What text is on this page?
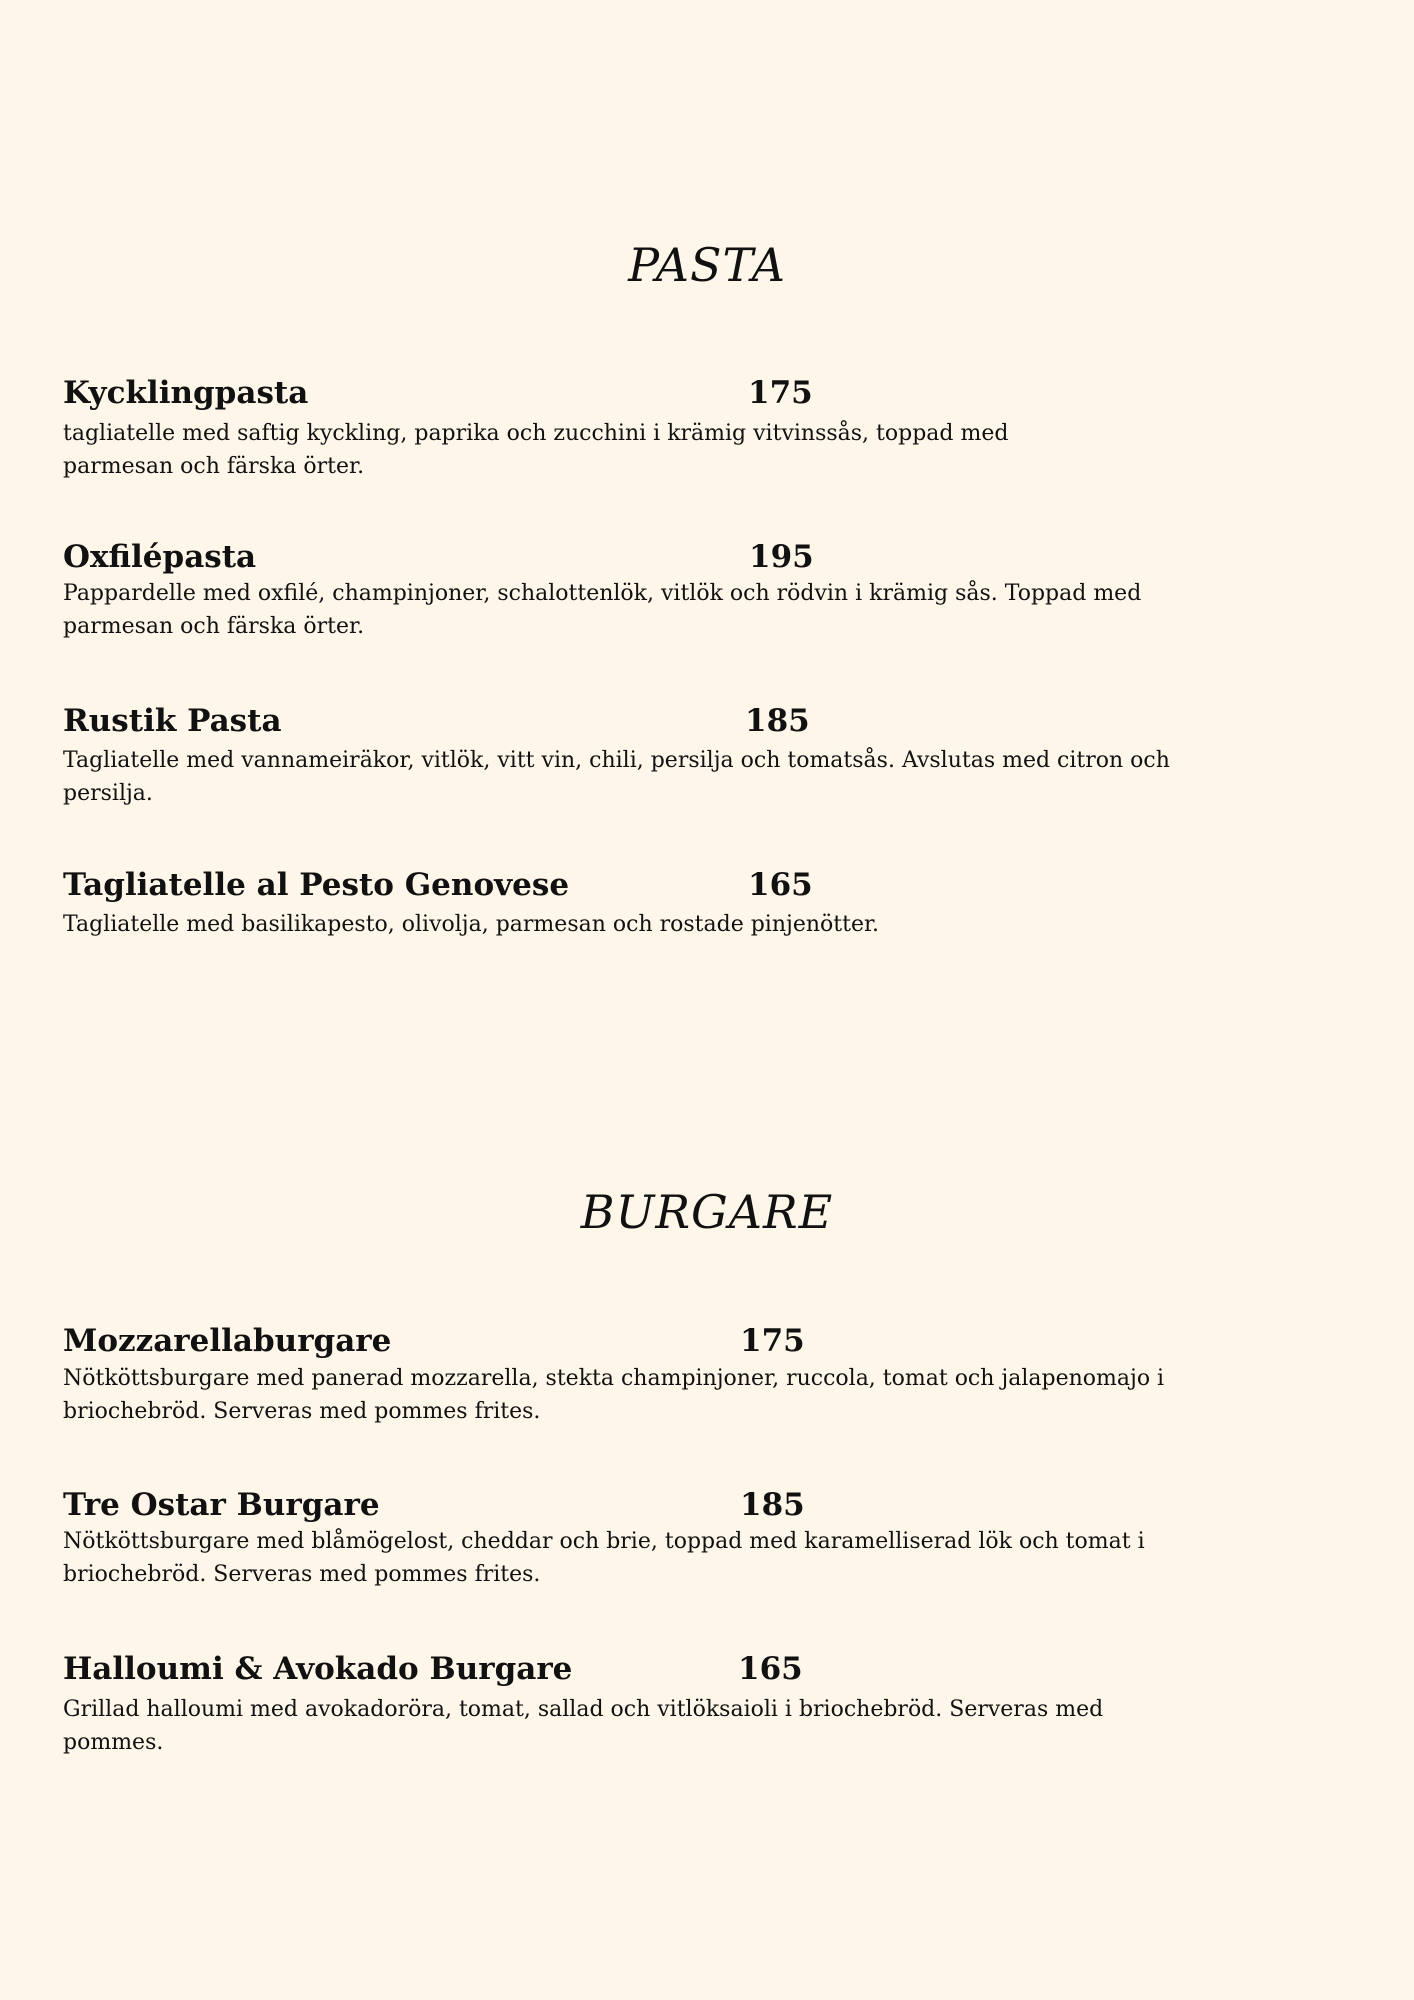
PASTA
Kycklingpasta	175

tagliatelle med saftig kyckling, paprika och zucchini i krämig vitvinssås, toppad med parmesan och färska örter.

Oxfilépasta	195

Pappardelle med oxfilé, champinjoner, schalottenlök, vitlök och rödvin i krämig sås. Toppad med parmesan och färska örter.

Rustik Pasta	185

Tagliatelle med vannameiräkor, vitlök, vitt vin, chili, persilja och tomatsås. Avslutas med citron och persilja.

Tagliatelle al Pesto Genovese	165

Tagliatelle med basilikapesto, olivolja, parmesan och rostade pinjenötter.

BURGARE
Mozzarellaburgare	175

Nötköttsburgare med panerad mozzarella, stekta champinjoner, ruccola, tomat och jalapenomajo i briochebröd. Serveras med pommes frites.

Tre Ostar Burgare	185

Nötköttsburgare med blåmögelost, cheddar och brie, toppad med karamelliserad lök och tomat i briochebröd. Serveras med pommes frites.

Halloumi & Avokado Burgare	165

Grillad halloumi med avokadoröra, tomat, sallad och vitlöksaioli i briochebröd. Serveras med pommes.
